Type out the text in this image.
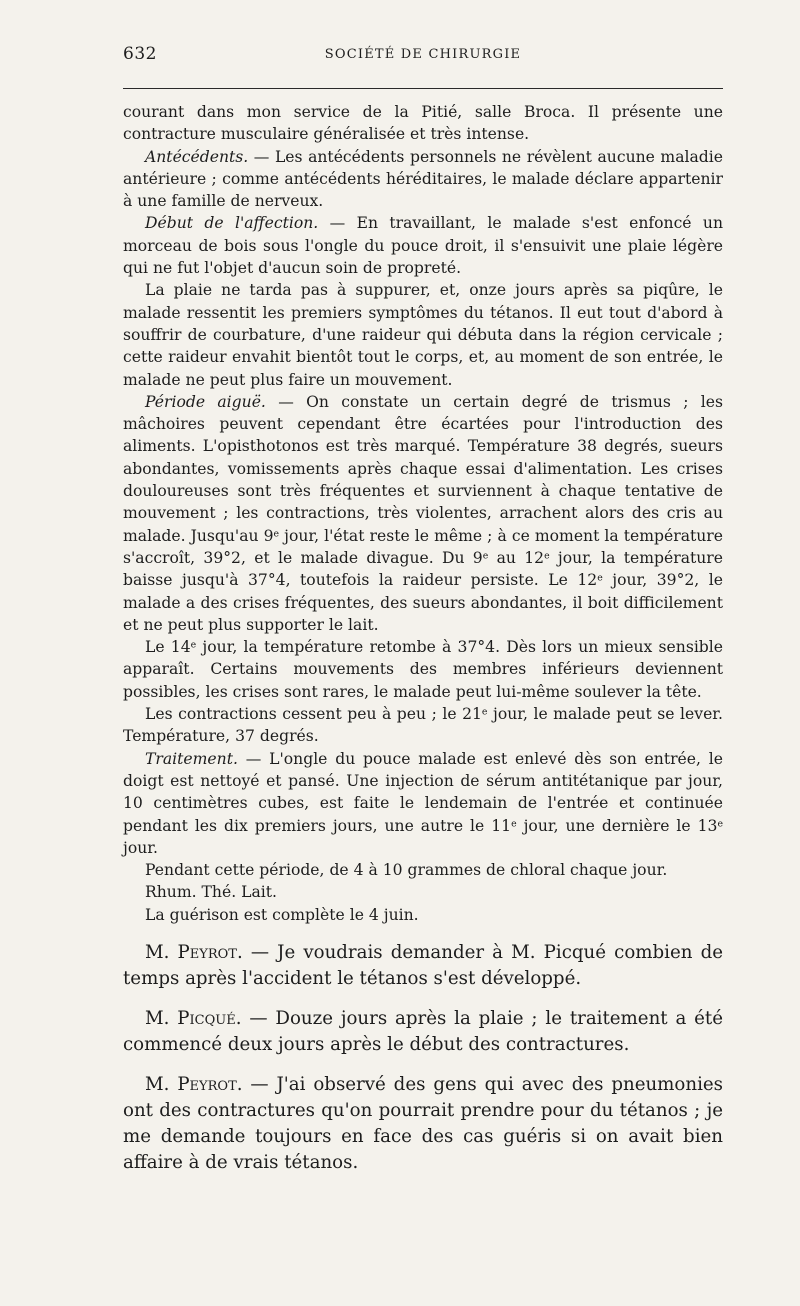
632	SOCIÉTÉ DE CHIRURGIE

courant dans mon service de la Pitié, salle Broca. Il présente une contracture musculaire généralisée et très intense.

Antécédents. — Les antécédents personnels ne révèlent aucune maladie antérieure ; comme antécédents héréditaires, le malade déclare appartenir à une famille de nerveux.

Début de l'affection. — En travaillant, le malade s'est enfoncé un morceau de bois sous l'ongle du pouce droit, il s'ensuivit une plaie légère qui ne fut l'objet d'aucun soin de propreté.

La plaie ne tarda pas à suppurer, et, onze jours après sa piqûre, le malade ressentit les premiers symptômes du tétanos. Il eut tout d'abord à souffrir de courbature, d'une raideur qui débuta dans la région cervicale ; cette raideur envahit bientôt tout le corps, et, au moment de son entrée, le malade ne peut plus faire un mouvement.

Période aiguë. — On constate un certain degré de trismus ; les mâchoires peuvent cependant être écartées pour l'introduction des aliments. L'opisthotonos est très marqué. Température 38 degrés, sueurs abondantes, vomissements après chaque essai d'alimentation. Les crises douloureuses sont très fréquentes et surviennent à chaque tentative de mouvement ; les contractions, très violentes, arrachent alors des cris au malade. Jusqu'au 9e jour, l'état reste le même ; à ce moment la température s'accroît, 39°2, et le malade divague. Du 9e au 12e jour, la température baisse jusqu'à 37°4, toutefois la raideur persiste. Le 12e jour, 39°2, le malade a des crises fréquentes, des sueurs abondantes, il boit difficilement et ne peut plus supporter le lait.

Le 14e jour, la température retombe à 37°4. Dès lors un mieux sensible apparaît. Certains mouvements des membres inférieurs deviennent possibles, les crises sont rares, le malade peut lui-même soulever la tête.

Les contractions cessent peu à peu ; le 21e jour, le malade peut se lever. Température, 37 degrés.

Traitement. — L'ongle du pouce malade est enlevé dès son entrée, le doigt est nettoyé et pansé. Une injection de sérum antitétanique par jour, 10 centimètres cubes, est faite le lendemain de l'entrée et continuée pendant les dix premiers jours, une autre le 11e jour, une dernière le 13e jour.

Pendant cette période, de 4 à 10 grammes de chloral chaque jour.

Rhum. Thé. Lait.

La guérison est complète le 4 juin.

M. Peyrot. — Je voudrais demander à M. Picqué combien de temps après l'accident le tétanos s'est développé.

M. Picqué. — Douze jours après la plaie ; le traitement a été commencé deux jours après le début des contractures.

M. Peyrot. — J'ai observé des gens qui avec des pneumonies ont des contractures qu'on pourrait prendre pour du tétanos ; je me demande toujours en face des cas guéris si on avait bien affaire à de vrais tétanos.
